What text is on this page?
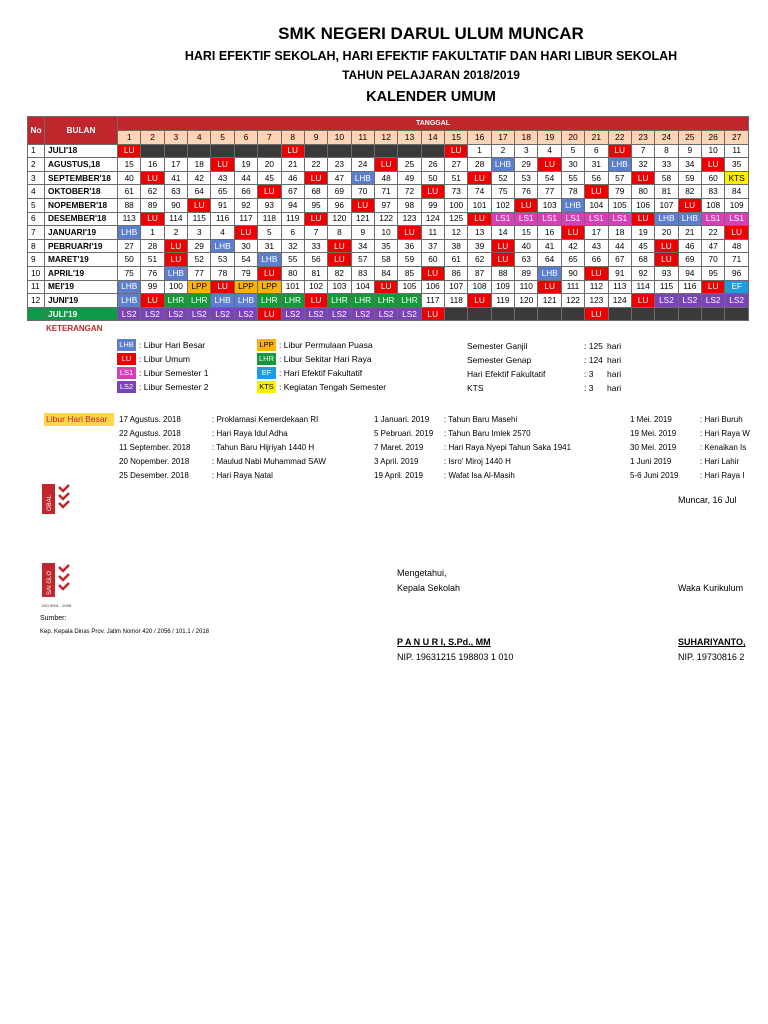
SMK NEGERI DARUL ULUM MUNCAR
HARI EFEKTIF SEKOLAH, HARI EFEKTIF FAKULTATIF DAN HARI LIBUR SEKOLAH
TAHUN PELAJARAN 2018/2019
KALENDER UMUM
No	BULAN	TANGGAL																										
		1	2	3	4	5	6	7	8	9	10	11	12	13	14	15	16	17	18	19	20	21	22	23	24	25	26	27
1	JULI'18	LU							LU							LU	1	2	3	4	5	6	LU	7	8	9	10	11
2	AGUSTUS,18	15	16	17	18	LU	19	20	21	22	23	24	LU	25	26	27	28	LHB	29	LU	30	31	LHB	32	33	34	LU	35
3	SEPTEMBER'18	40	LU	41	42	43	44	45	46	LU	47	LHB	48	49	50	51	LU	52	53	54	55	56	57	LU	58	59	60	KTS
4	OKTOBER'18	61	62	63	64	65	66	LU	67	68	69	70	71	72	LU	73	74	75	76	77	78	LU	79	80	81	82	83	84
5	NOPEMBER'18	88	89	90	LU	91	92	93	94	95	96	LU	97	98	99	100	101	102	LU	103	LHB	104	105	106	107	LU	108	109
6	DESEMBER'18	113	LU	114	115	116	117	118	119	LU	120	121	122	123	124	125	LU	LS1	LS1	LS1	LS1	LS1	LS1	LU	LHB	LHB	LS1	LS1
7	JANUARI'19	LHB	1	2	3	4	LU	5	6	7	8	9	10	LU	11	12	13	14	15	16	LU	17	18	19	20	21	22	LU
8	PEBRUARI'19	27	28	LU	29	LHB	30	31	32	33	LU	34	35	36	37	38	39	LU	40	41	42	43	44	45	LU	46	47	48
9	MARET'19	50	51	LU	52	53	54	LHB	55	56	LU	57	58	59	60	61	62	LU	63	64	65	66	67	68	LU	69	70	71
10	APRIL'19	75	76	LHB	77	78	79	LU	80	81	82	83	84	85	LU	86	87	88	89	LHB	90	LU	91	92	93	94	95	96
11	MEI'19	LHB	99	100	LPP	LU	LPP	LPP	101	102	103	104	LU	105	106	107	108	109	110	LU	111	112	113	114	115	116	LU	EF
12	JUNI'19	LHB	LU	LHR	LHR	LHB	LHB	LHR	LHR	LU	LHR	LHR	LHR	LHR	117	118	LU	119	120	121	122	123	124	LU	LS2	LS2	LS2	LS2
	JULI'19	LS2	LS2	LS2	LS2	LS2	LS2	LU	LS2	LS2	LS2	LS2	LS2	LS2	LU							LU						
KETERANGAN
LHB : Libur Hari Besar
LU : Libur Umum
LS1 : Libur Semester 1
LS2 : Libur Semester 2
LPP : Libur Permulaan Puasa
LHR : Libur Sekitar Hari Raya
EF : Hari Efektif Fakultatif
KTS : Kegiatan Tengah Semester
Semester Ganjil	: 125 hari
Semester Genap	: 124 hari
Hari Efektif Fakultatif	: 3 hari
KTS	: 3 hari
Libur Hari Besar	17 Agustus. 2018	: Proklamasi Kemerdekaan RI
22 Agustus. 2018	: Hari Raya Idul Adha
11 September. 2018	: Tahun Baru Hijriyah 1440 H
20 Nopember. 2018	: Maulud Nabi Muhammad SAW
25 Desember. 2018	: Hari Raya Natal
1 Januari. 2019 : Tahun Baru Masehi
5 Pebruari. 2019 : Tahun Baru Imlek 2570
7 Maret. 2019	: Hari Raya Nyepi Tahun Saka 1941
3 April. 2019	: Isro' Miroj 1440 H
19 April. 2019	: Wafat Isa Al-Masih
1 Mei. 2019	: Hari Buruh
19 Mei. 2019	: Hari Raya W
30 Mei. 2019	: Kenaikan Is
1 Juni 2019	: Hari Lahir
5-6 Juni 2019	: Hari Raya I
Muncar, 16 Jul
OBAL
SAI GLO
ISO 9001 : 2008
Sumber:
Kep. Kepala Dinas Prov. Jatim Nomor 420 / 2056 / 101.1 / 2018
Mengetahui,
Kepala Sekolah	Waka Kurikulum
P A N U R I, S.Pd., MM
NIP. 19631215 198803 1 010
SUHARIYANTO,
NIP. 19730816 2
